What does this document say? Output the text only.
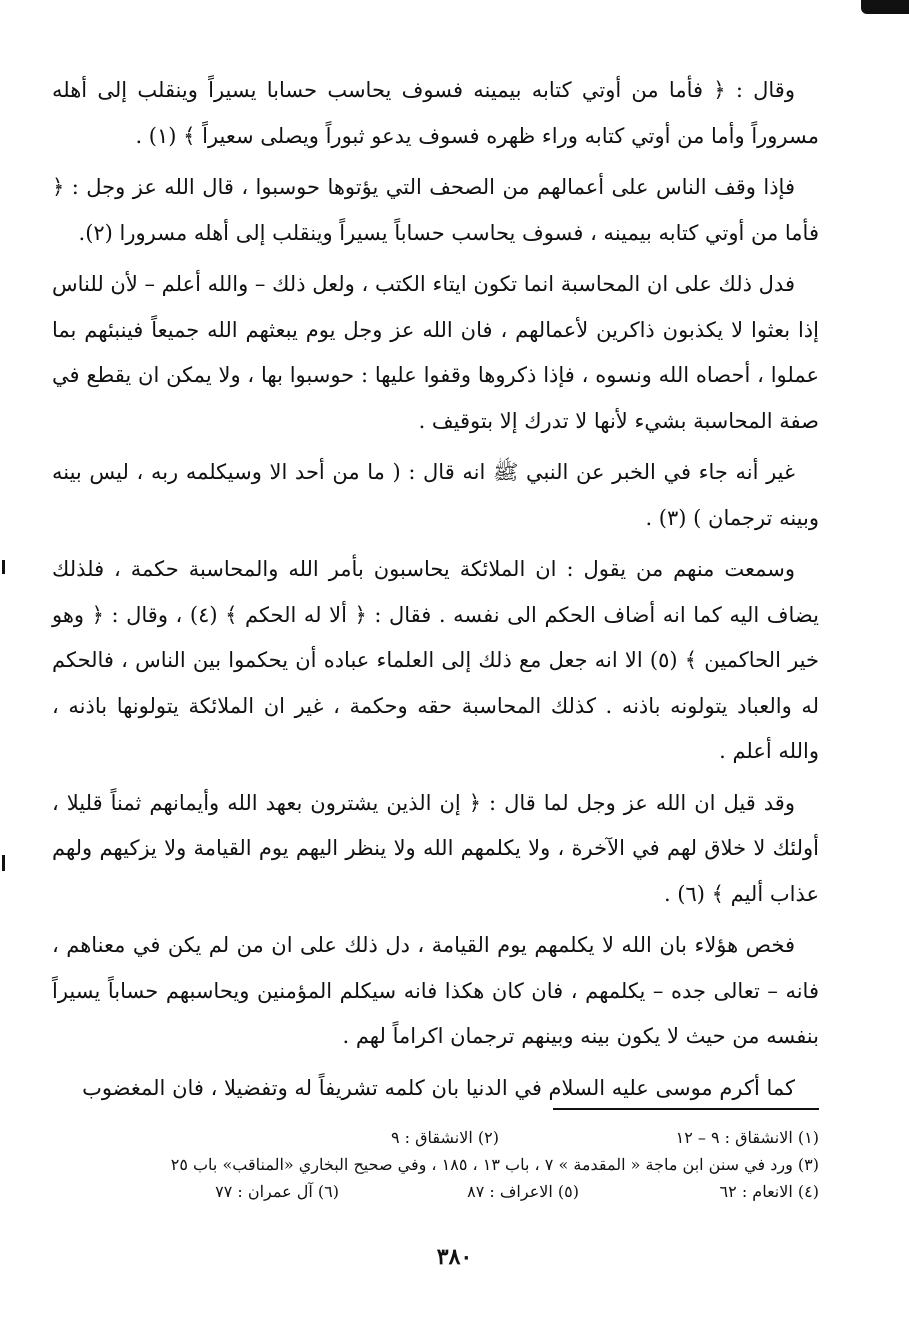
وقال : ﴿ فأما من أوتي كتابه بيمينه فسوف يحاسب حسابا يسيراً وينقلب إلى أهله مسروراً وأما من أوتي كتابه وراء ظهره فسوف يدعو ثبوراً ويصلى سعيراً ﴾ (١) .

فإذا وقف الناس على أعمالهم من الصحف التي يؤتوها حوسبوا ، قال الله عز وجل : ﴿ فأما من أوتي كتابه بيمينه ، فسوف يحاسب حساباً يسيراً وينقلب إلى أهله مسرورا (٢).

فدل ذلك على ان المحاسبة انما تكون ايتاء الكتب ، ولعل ذلك – والله أعلم – لأن للناس إذا بعثوا لا يكذبون ذاكرين لأعمالهم ، فان الله عز وجل يوم يبعثهم الله جميعاً فينبئهم بما عملوا ، أحصاه الله ونسوه ، فإذا ذكروها وقفوا عليها : حوسبوا بها ، ولا يمكن ان يقطع في صفة المحاسبة بشيء لأنها لا تدرك إلا بتوقيف .

غير أنه جاء في الخبر عن النبي ﷺ انه قال : ( ما من أحد الا وسيكلمه ربه ، ليس بينه وبينه ترجمان ) (٣) .

وسمعت منهم من يقول : ان الملائكة يحاسبون بأمر الله والمحاسبة حكمة ، فلذلك يضاف اليه كما انه أضاف الحكم الى نفسه . فقال : ﴿ ألا له الحكم ﴾ (٤) ، وقال : ﴿ وهو خير الحاكمين ﴾ (٥) الا انه جعل مع ذلك إلى العلماء عباده أن يحكموا بين الناس ، فالحكم له والعباد يتولونه باذنه . كذلك المحاسبة حقه وحكمة ، غير ان الملائكة يتولونها باذنه ، والله أعلم .

وقد قيل ان الله عز وجل لما قال : ﴿ إن الذين يشترون بعهد الله وأيمانهم ثمناً قليلا ، أولئك لا خلاق لهم في الآخرة ، ولا يكلمهم الله ولا ينظر اليهم يوم القيامة ولا يزكيهم ولهم عذاب أليم ﴾ (٦) .

فخص هؤلاء بان الله لا يكلمهم يوم القيامة ، دل ذلك على ان من لم يكن في معناهم ، فانه – تعالى جده – يكلمهم ، فان كان هكذا فانه سيكلم المؤمنين ويحاسبهم حساباً يسيراً بنفسه من حيث لا يكون بينه وبينهم ترجمان اكراماً لهم .

كما أكرم موسى عليه السلام في الدنيا بان كلمه تشريفاً له وتفضيلا ، فان المغضوب

(١) الانشقاق : ٩ – ١٢
(٢) الانشقاق : ٩
(٣) ورد في سنن ابن ماجة « المقدمة » ٧ ، باب ١٣ ، ١٨٥ ، وفي صحيح البخاري «المناقب» باب ٢٥
(٤) الانعام : ٦٢
(٥) الاعراف : ٨٧
(٦) آل عمران : ٧٧
٣٨٠
